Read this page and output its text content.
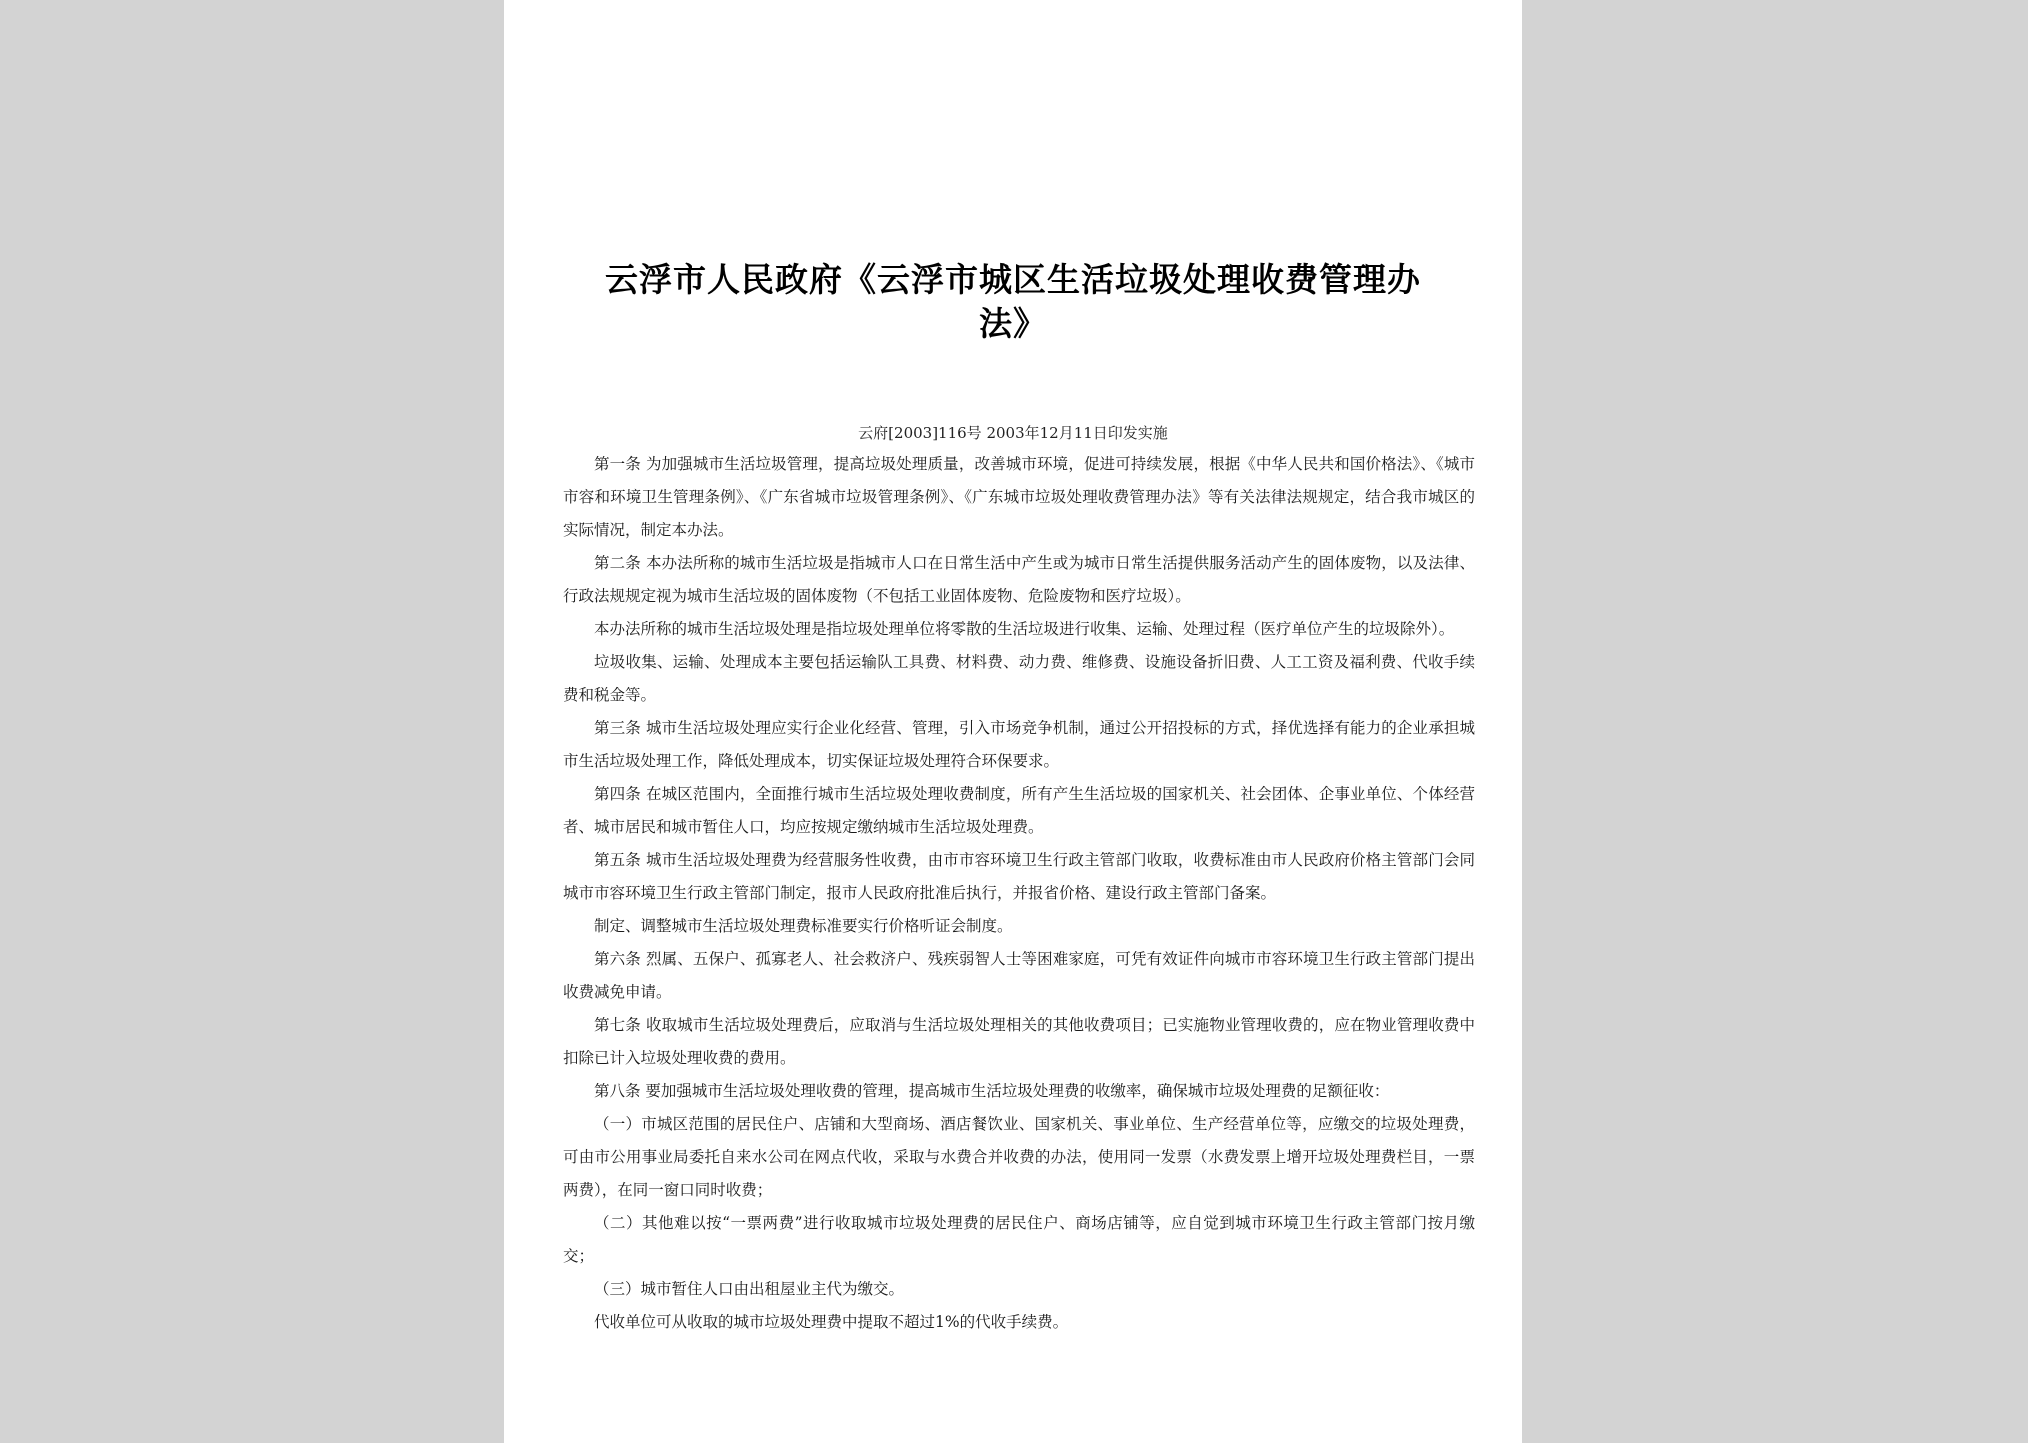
云浮市人民政府《云浮市城区生活垃圾处理收费管理办法》
云府[2003]116号 2003年12月11日印发实施

第一条 为加强城市生活垃圾管理，提高垃圾处理质量，改善城市环境，促进可持续发展，根据《中华人民共和国价格法》、《城市市容和环境卫生管理条例》、《广东省城市垃圾管理条例》、《广东城市垃圾处理收费管理办法》等有关法律法规规定，结合我市城区的实际情况，制定本办法。

第二条 本办法所称的城市生活垃圾是指城市人口在日常生活中产生或为城市日常生活提供服务活动产生的固体废物，以及法律、行政法规规定视为城市生活垃圾的固体废物（不包括工业固体废物、危险废物和医疗垃圾）。

本办法所称的城市生活垃圾处理是指垃圾处理单位将零散的生活垃圾进行收集、运输、处理过程（医疗单位产生的垃圾除外）。

垃圾收集、运输、处理成本主要包括运输队工具费、材料费、动力费、维修费、设施设备折旧费、人工工资及福利费、代收手续费和税金等。

第三条 城市生活垃圾处理应实行企业化经营、管理，引入市场竞争机制，通过公开招投标的方式，择优选择有能力的企业承担城市生活垃圾处理工作，降低处理成本，切实保证垃圾处理符合环保要求。

第四条 在城区范围内，全面推行城市生活垃圾处理收费制度，所有产生生活垃圾的国家机关、社会团体、企事业单位、个体经营者、城市居民和城市暂住人口，均应按规定缴纳城市生活垃圾处理费。

第五条 城市生活垃圾处理费为经营服务性收费，由市市容环境卫生行政主管部门收取，收费标准由市人民政府价格主管部门会同城市市容环境卫生行政主管部门制定，报市人民政府批准后执行，并报省价格、建设行政主管部门备案。

制定、调整城市生活垃圾处理费标准要实行价格听证会制度。

第六条 烈属、五保户、孤寡老人、社会救济户、残疾弱智人士等困难家庭，可凭有效证件向城市市容环境卫生行政主管部门提出收费减免申请。

第七条 收取城市生活垃圾处理费后，应取消与生活垃圾处理相关的其他收费项目；已实施物业管理收费的，应在物业管理收费中扣除已计入垃圾处理收费的费用。

第八条 要加强城市生活垃圾处理收费的管理，提高城市生活垃圾处理费的收缴率，确保城市垃圾处理费的足额征收：

（一）市城区范围的居民住户、店铺和大型商场、酒店餐饮业、国家机关、事业单位、生产经营单位等，应缴交的垃圾处理费，可由市公用事业局委托自来水公司在网点代收，采取与水费合并收费的办法，使用同一发票（水费发票上增开垃圾处理费栏目，一票两费），在同一窗口同时收费；

（二）其他难以按“一票两费”进行收取城市垃圾处理费的居民住户、商场店铺等，应自觉到城市环境卫生行政主管部门按月缴交；

（三）城市暂住人口由出租屋业主代为缴交。

代收单位可从收取的城市垃圾处理费中提取不超过1%的代收手续费。
